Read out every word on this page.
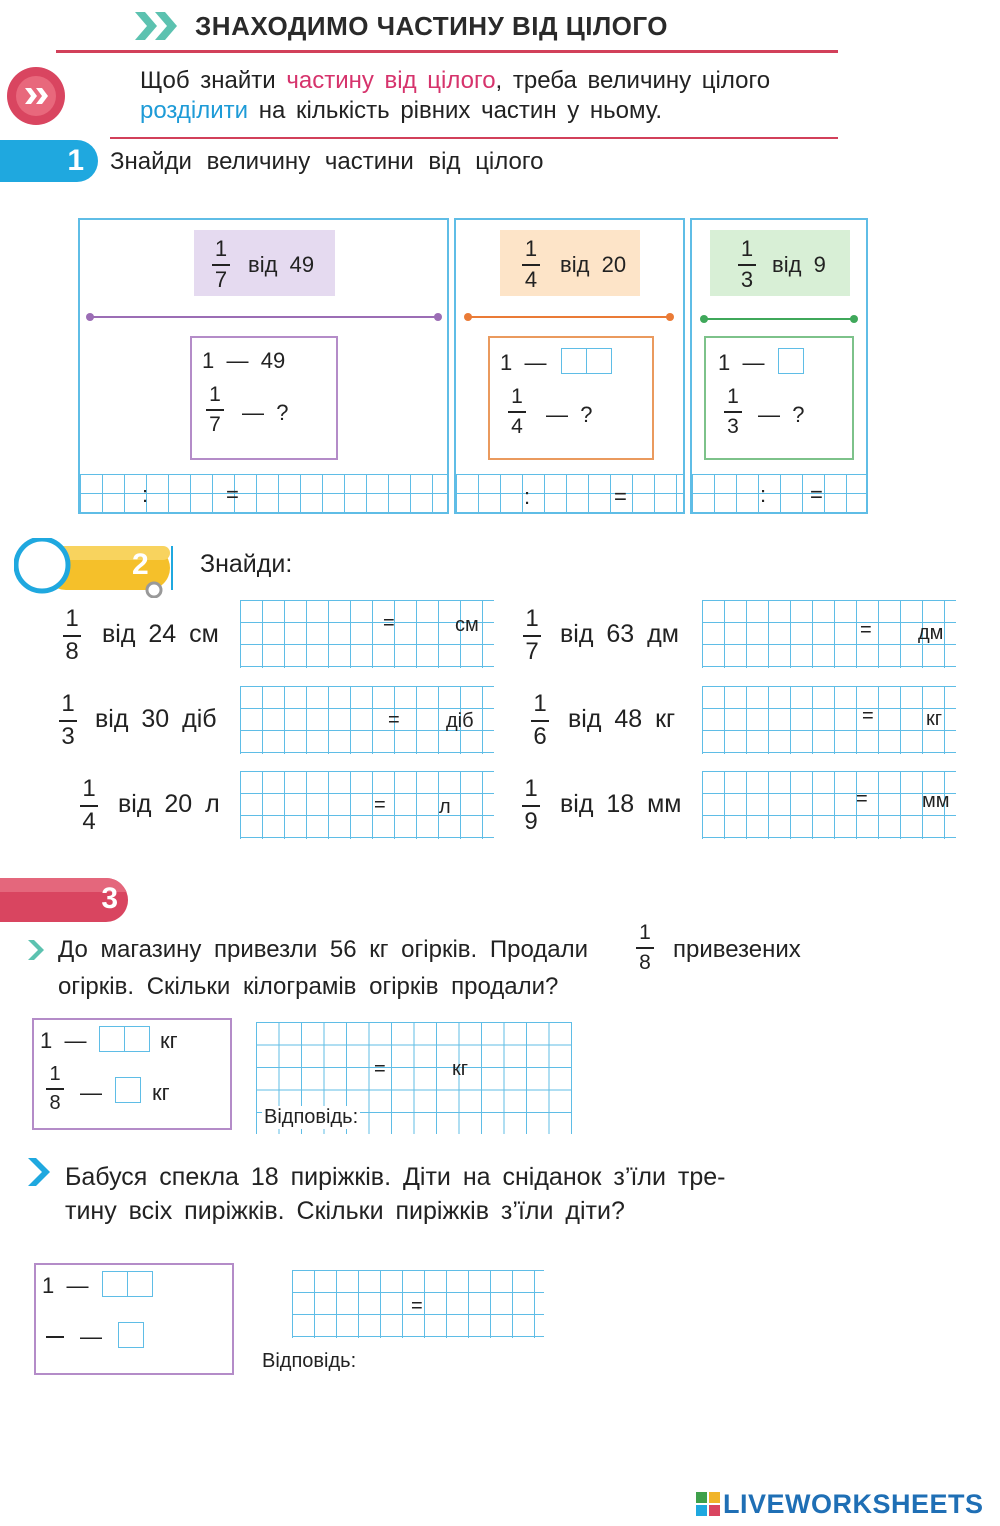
ЗНАХОДИМО ЧАСТИНУ ВІД ЦІЛОГО
Щоб знайти частину від цілого, треба величину цілого
розділити на кількість рівних частин у ньому.
1 Знайди величину частини від цілого
1
7
від 49
1 — 49
1
7 — ?
:	=
1
4
від 20
1 —
1
4 — ?
:	=
1
3
від 9
1 —
1
3 — ?
: =
2 Знайди:
1
8
від 24 см	=	см
1
3
від 30 діб	= діб
1
4
від 20 л	=	л
1
7
від 63 дм	= дм
1
6
від 48 кг	=	кг
1
9
від 18 мм	=	мм
3
До магазину привезли 56 кг огірків. Продали
1
8 привезених
огірків. Скільки кілограмів огірків продали?
1 —	кг
1
8 — кг
=	кг
Відповідь:
Бабуся спекла 18 пиріжків. Діти на сніданок з’їли тре-
тину всіх пиріжків. Скільки пиріжків з’їли діти?
1 —
—
=
Відповідь:
LIVEWORKSHEETS
